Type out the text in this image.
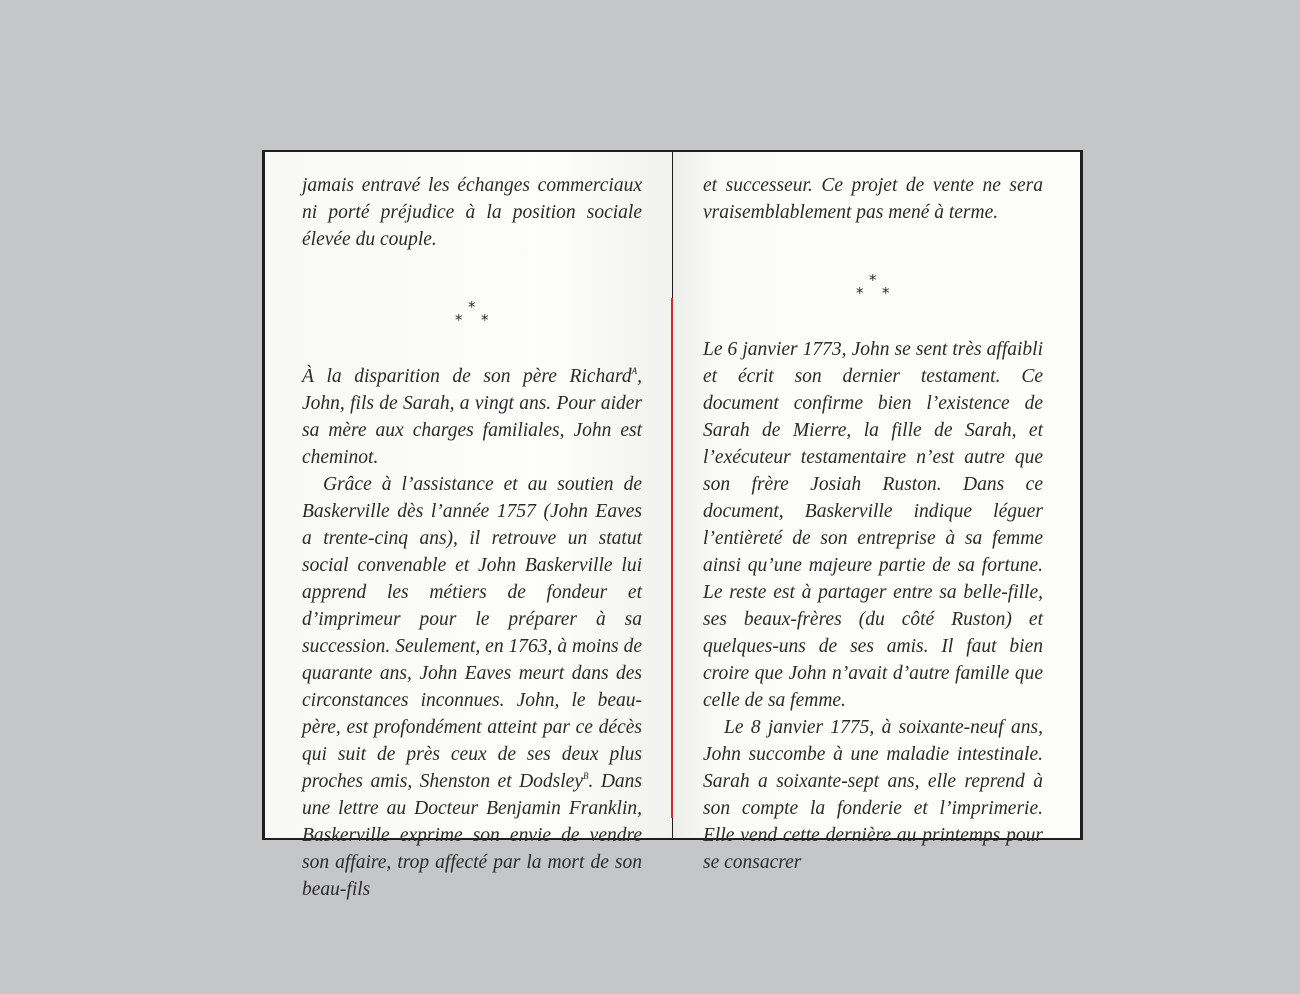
jamais entravé les échanges commerciaux ni porté préjudice à la position sociale élevée du couple.

*
* *

À la disparition de son père Richard$^A$, John, fils de Sarah, a vingt ans. Pour aider sa mère aux charges familiales, John est cheminot.

Grâce à l’assistance et au soutien de Baskerville dès l’année 1757 (John Eaves a trente-cinq ans), il retrouve un statut social convenable et John Baskerville lui apprend les métiers de fondeur et d’imprimeur pour le préparer à sa succession. Seulement, en 1763, à moins de quarante ans, John Eaves meurt dans des circonstances inconnues. John, le beau-père, est profondément atteint par ce décès qui suit de près ceux de ses deux plus proches amis, Shenston et Dodsley$^B$. Dans une lettre au Docteur Benjamin Franklin, Baskerville exprime son envie de vendre son affaire, trop affecté par la mort de son beau-fils

et successeur. Ce projet de vente ne sera vraisemblablement pas mené à terme.

*
* *

Le 6 janvier 1773, John se sent très affaibli et écrit son dernier testament. Ce document confirme bien l’existence de Sarah de Mierre, la fille de Sarah, et l’exécuteur testamentaire n’est autre que son frère Josiah Ruston. Dans ce document, Baskerville indique léguer l’entièreté de son entreprise à sa femme ainsi qu’une majeure partie de sa fortune. Le reste est à partager entre sa belle-fille, ses beaux-frères (du côté Ruston) et quelques-uns de ses amis. Il faut bien croire que John n’avait d’autre famille que celle de sa femme.

Le 8 janvier 1775, à soixante-neuf ans, John succombe à une maladie intestinale. Sarah a soixante-sept ans, elle reprend à son compte la fonderie et l’imprimerie. Elle vend cette dernière au printemps pour se consacrer
